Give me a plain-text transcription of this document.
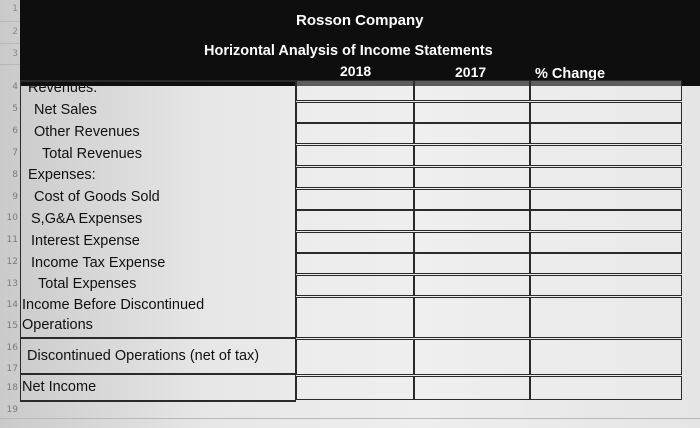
Rosson Company
Horizontal Analysis of Income Statements
2018	2017	% Change
1
2
3
4
5
6
7
8
9
10
11
12
13
14
15
16
17
18
19
Revenues:
Net Sales
Other Revenues
Total Revenues
Expenses:
Cost of Goods Sold
S,G&A Expenses
Interest Expense
Income Tax Expense
Total Expenses
Income Before Discontinued
Operations
Discontinued Operations (net of tax)
Net Income
